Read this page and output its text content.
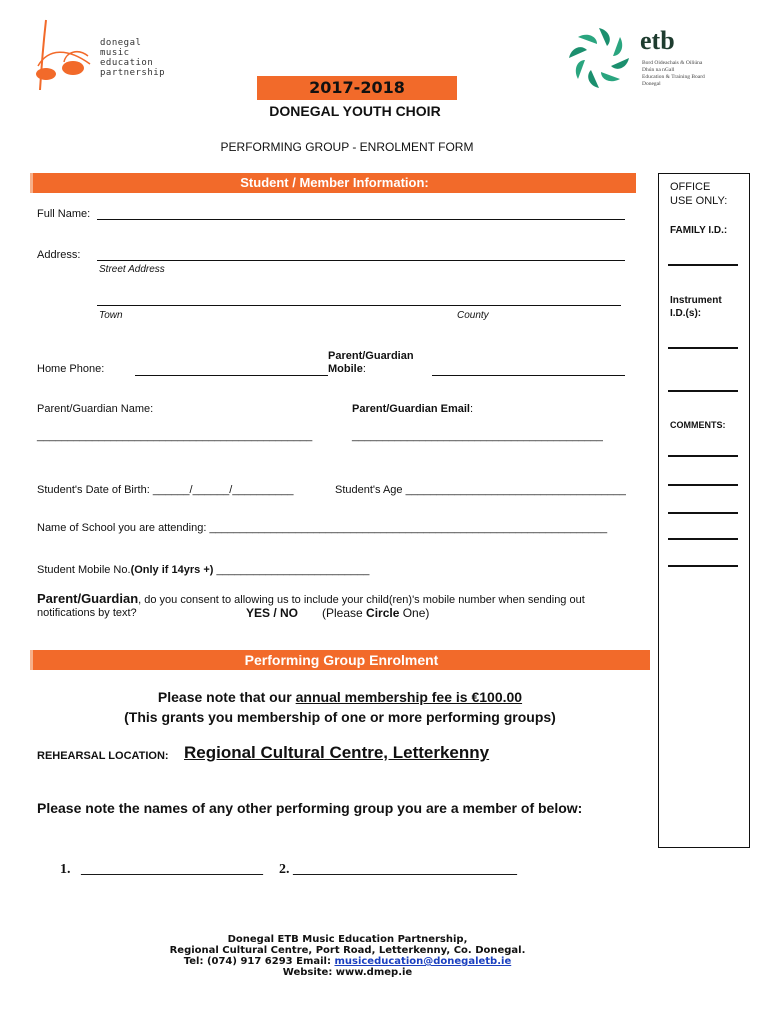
donegal
music
education
partnership
etb
Bord Oideachais & Oiliúna
Dhún na nGall
Education & Training Board
Donegal
2017-2018
DONEGAL YOUTH CHOIR
PERFORMING GROUP - ENROLMENT FORM
Student / Member Information:
Full Name:
Address:
Street Address
Town	County
Home Phone:
Parent/Guardian
Mobile:
Parent/Guardian Name:	Parent/Guardian Email:
_____________________________________________	_________________________________________
Student's Date of Birth: ______/______/__________	Student's Age ____________________________________
Name of School you are attending: _________________________________________________________________
Student Mobile No.(Only if 14yrs +) _________________________
Parent/Guardian, do you consent to allowing us to include your child(ren)'s mobile number when sending out
notifications by text?	YES / NO (Please Circle One)
OFFICE
USE ONLY:
FAMILY I.D.:
Instrument
I.D.(s):
COMMENTS:
Performing Group Enrolment
Please note that our annual membership fee is €100.00
(This grants you membership of one or more performing groups)
REHEARSAL LOCATION: Regional Cultural Centre, Letterkenny
Please note the names of any other performing group you are a member of below:
1. __________________________ 2. ________________________________
Donegal ETB Music Education Partnership,
Regional Cultural Centre, Port Road, Letterkenny, Co. Donegal.
Tel: (074) 917 6293 Email: musiceducation@donegaletb.ie
Website: www.dmep.ie
